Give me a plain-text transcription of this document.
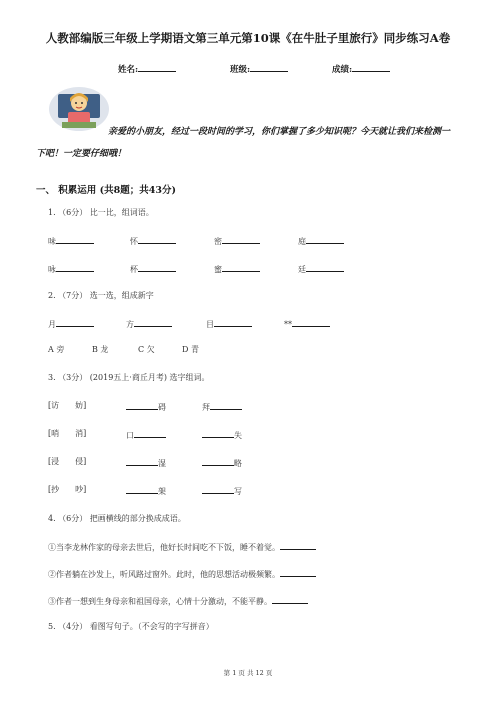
人教部编版三年级上学期语文第三单元第10课《在牛肚子里旅行》同步练习A卷
姓名:	班级:	成绩:
亲爱的小朋友，经过一段时间的学习，你们掌握了多少知识呢？今天就让我们来检测一
下吧！一定要仔细哦！
一、 积累运用 (共8题；共43分)
1. （6分） 比一比，组词语。
味	怀	密	庭
咏	杯	蜜	廷
2. （7分） 选一选，组成新字
月	方	目	**
A 旁	B 龙	C 欠	D 青
3. （3分） (2019五上·商丘月考) 选字组词。
[访　　妨]	碍	拜
[哨　　消]	口	失
[浸　　侵]	湿	略
[抄　　吵]	架	写
4. （6分） 把画横线的部分换成成语。
①当李龙林作家的母亲去世后，他好长时间吃不下饭，睡不着觉。
②作者躺在沙发上，听风路过窗外。此时，他的思想活动极频繁。
③作者一想到生身母亲和祖国母亲，心情十分激动，不能平静。
5. （4分） 看图写句子。（不会写的字写拼音）
第 1 页 共 12 页
